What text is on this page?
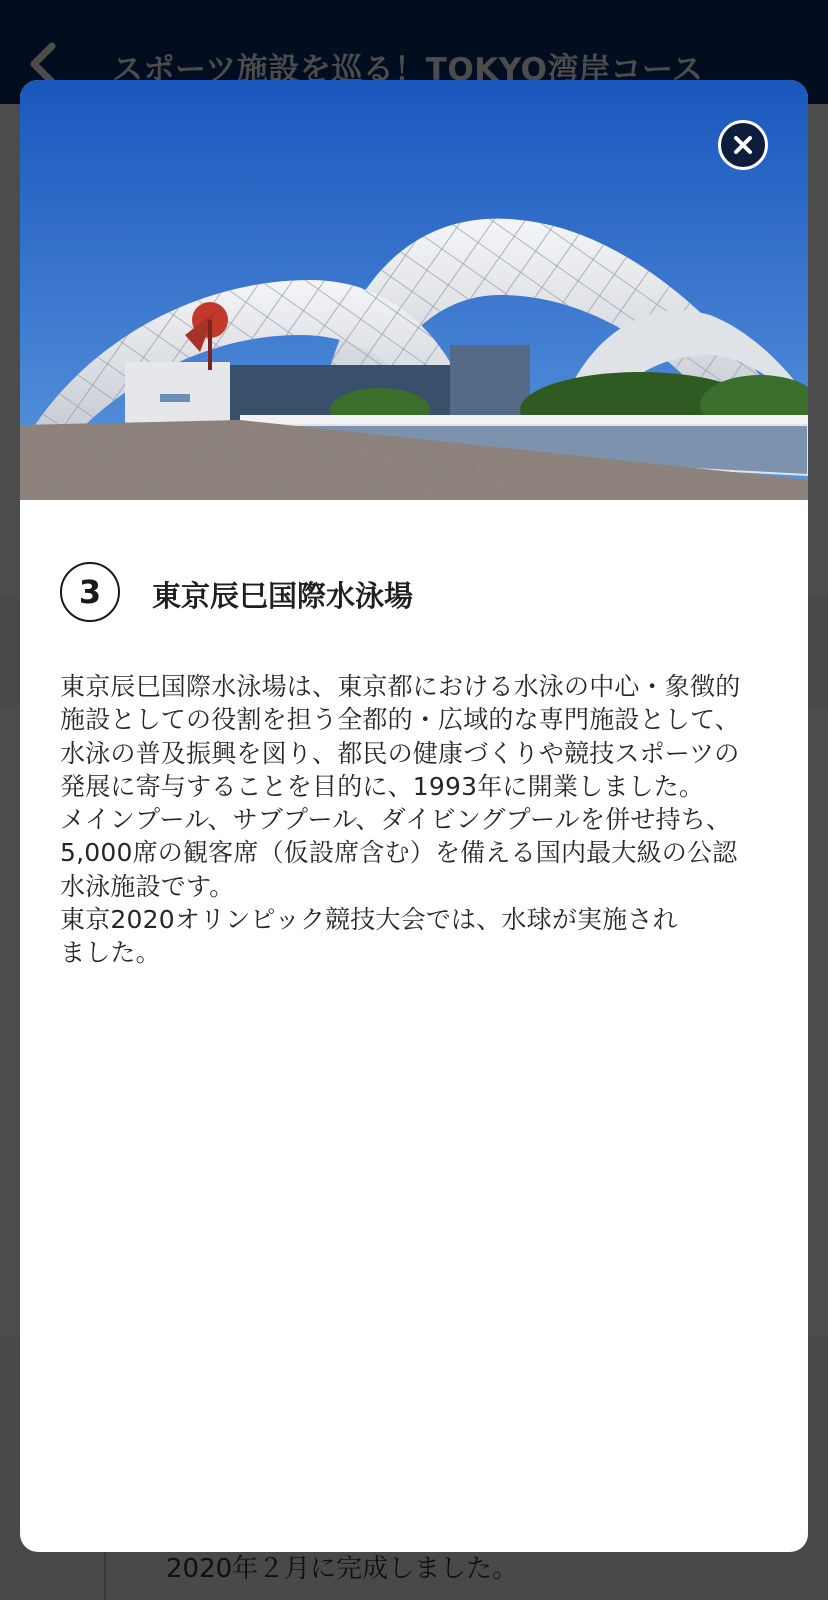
3	東京辰巳国際水泳場
東京辰巳国際水泳場は、東京都における水泳の中心・象徴的
施設としての役割を担う全都的・広域的な専門施設として、
水泳の普及振興を図り、都民の健康づくりや競技スポーツの
発展に寄与することを目的に、1993年に開業しました。
メインプール、サブプール、ダイビングプールを併せ持ち、
5,000席の観客席（仮設席含む）を備える国内最大級の公認
水泳施設です。
東京2020オリンピック競技大会では、水球が実施され
ました。
